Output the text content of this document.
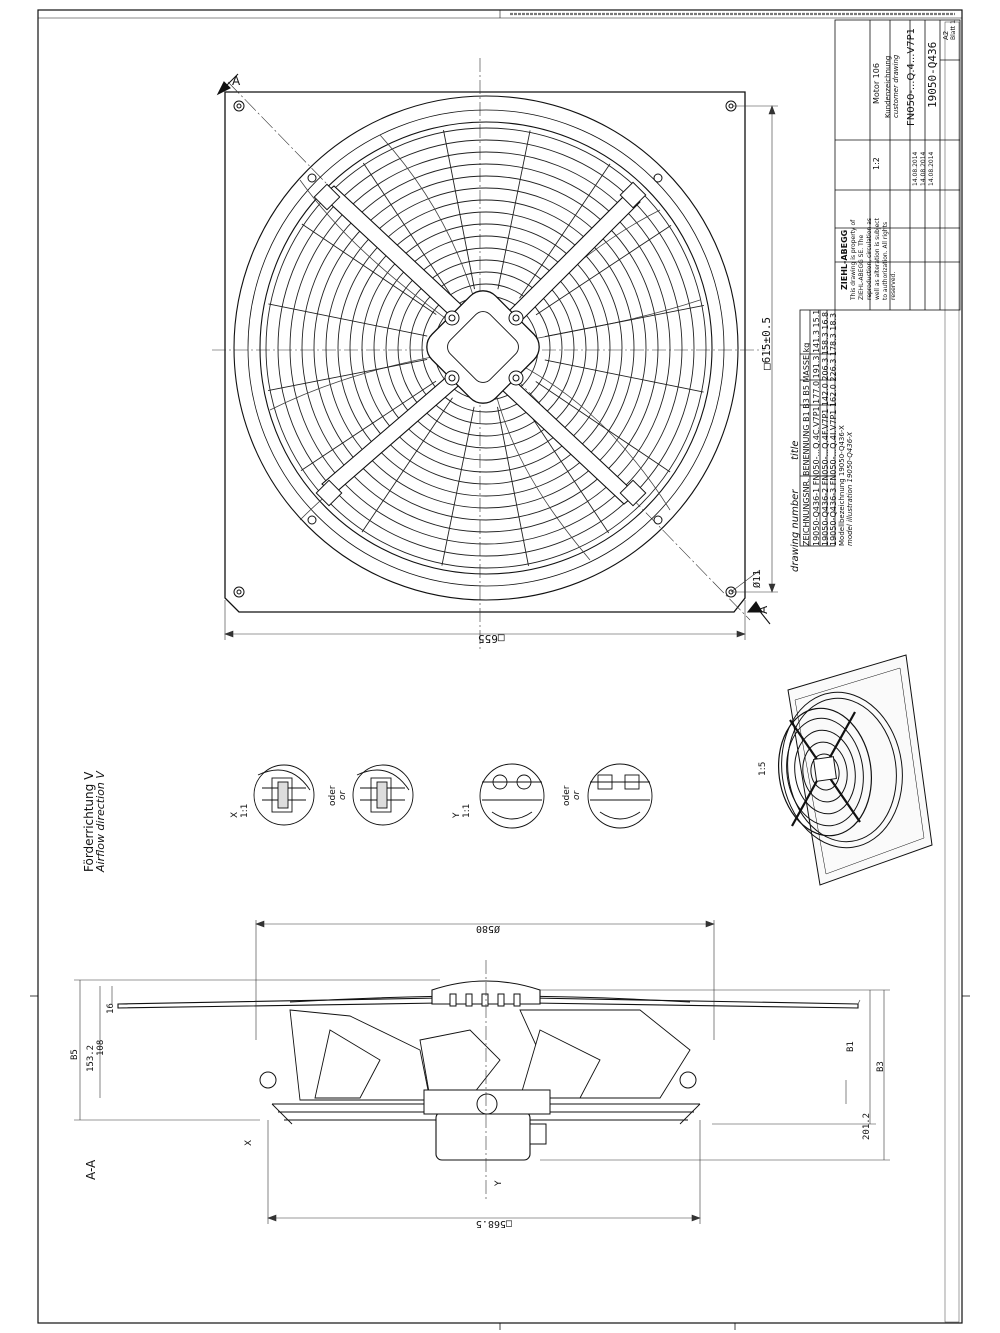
A
A
□655
□615±0.5
Ø11
Förderrichtung V
Airflow direction V	X 1:1
oder or
Y 1:1
oder or
1:5
A-A
X
Y
Ø580
□568.5
B5 153.2 108
16
B1
201.2
B3
drawing number
title
ZEICHNUNGSNR. BENENNUNG B1 B3 B5 MASSE kg
19050-Q436-1 FN050-...Q.4C.V7P1 177.0 191.3 141.3 15.1
19050-Q436-2 FN050-...Q.4F.V7P1 142.0 206.3 158.3 16.8
19050-Q436-3 FN050-...Q.4I.V7P1 162.0 226.3 178.3 18.3
Modellbezeichnung 19050-Q436-X model illustration 19050-Q436-X
Motor 106 Kundenzeichnung customer drawing FN050-...Q.4...V7P1 19050-Q436
1:2
A2 Blatt 1
ZIEHL-ABEGG This drawing is property of ZIEHL-ABEGG SE. The reproduction, circulation as well as alteration is subject to authorization. All rights reserved.
14.08.2014 14.08.2014 14.08.2014
